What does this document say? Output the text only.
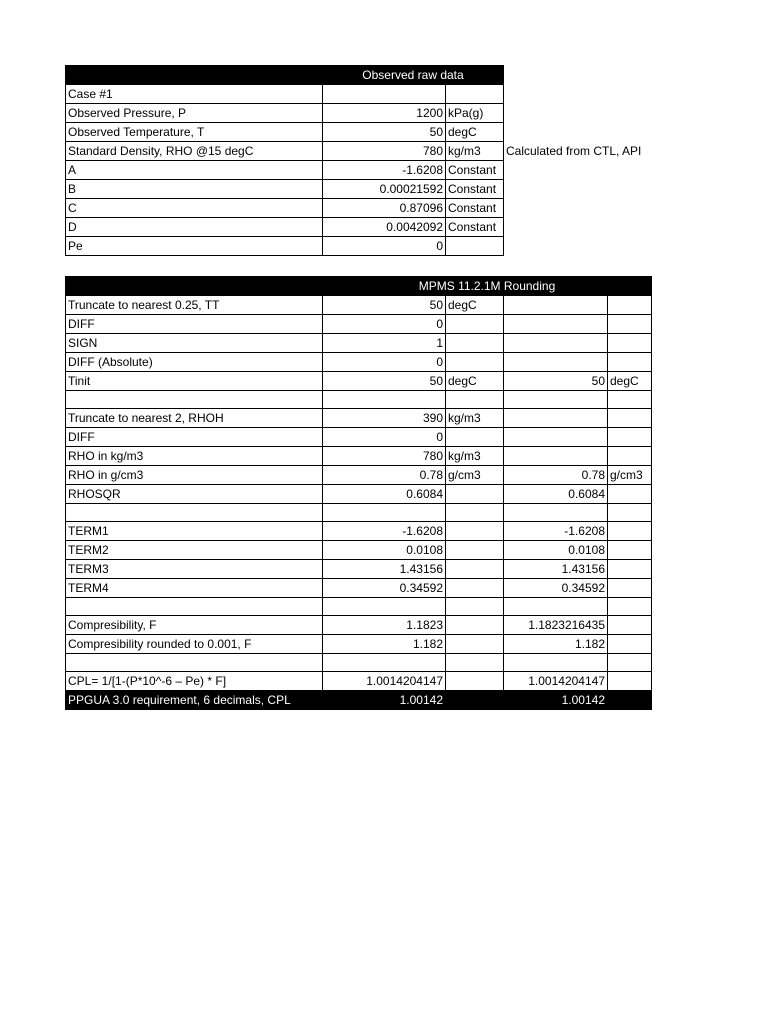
	Observed raw data		
Case #1			
Observed Pressure, P	1200	kPa(g)	
Observed Temperature, T	50	degC	
Standard Density, RHO @15 degC	780	kg/m3	Calculated from CTL, API
A	-1.6208	Constant	
B	0.00021592	Constant	
C	0.87096	Constant	
D	0.0042092	Constant	
Pe	0		
	MPMS 11.2.1M Rounding			
Truncate to nearest 0.25, TT	50	degC		
DIFF	0			
SIGN	1			
DIFF (Absolute)	0			
Tinit	50	degC	50	degC

Truncate to nearest 2, RHOH	390	kg/m3		
DIFF	0			
RHO in kg/m3	780	kg/m3		
RHO in g/cm3	0.78	g/cm3	0.78	g/cm3
RHOSQR	0.6084		0.6084	

TERM1	-1.6208		-1.6208	
TERM2	0.0108		0.0108	
TERM3	1.43156		1.43156	
TERM4	0.34592		0.34592	

Compresibility, F	1.1823		1.1823216435	
Compresibility rounded to 0.001, F	1.182		1.182	

CPL= 1/[1-(P*10^-6 – Pe) * F]	1.0014204147		1.0014204147	
PPGUA 3.0 requirement, 6 decimals, CPL	1.00142		1.00142	
